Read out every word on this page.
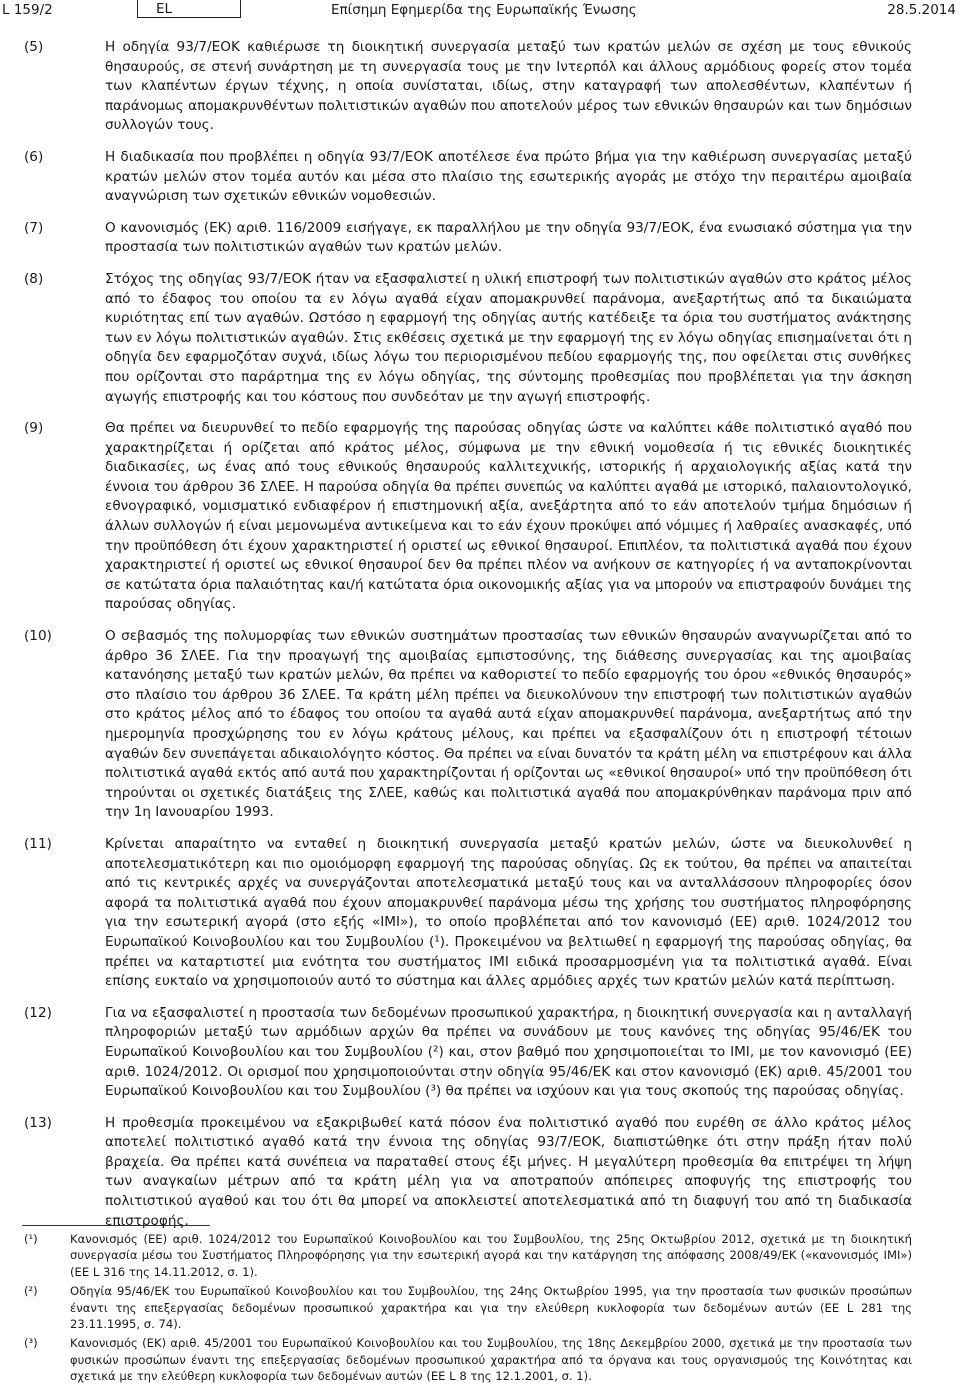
L 159/2	EL	Επίσημη Εφημερίδα της Ευρωπαϊκής Ένωσης	28.5.2014
(5)	Η οδηγία 93/7/ΕΟΚ καθιέρωσε τη διοικητική συνεργασία μεταξύ των κρατών μελών σε σχέση με τους εθνικούς θησαυρούς, σε στενή συνάρτηση με τη συνεργασία τους με την Ιντερπόλ και άλλους αρμόδιους φορείς στον τομέα των κλαπέντων έργων τέχνης, η οποία συνίσταται, ιδίως, στην καταγραφή των απολεσθέντων, κλαπέντων ή παράνομως απομακρυνθέντων πολιτιστικών αγαθών που αποτελούν μέρος των εθνικών θησαυρών και των δημόσιων συλλογών τους.
(6)	Η διαδικασία που προβλέπει η οδηγία 93/7/ΕΟΚ αποτέλεσε ένα πρώτο βήμα για την καθιέρωση συνεργασίας μεταξύ κρατών μελών στον τομέα αυτόν και μέσα στο πλαίσιο της εσωτερικής αγοράς με στόχο την περαιτέρω αμοιβαία αναγνώριση των σχετικών εθνικών νομοθεσιών.
(7)	Ο κανονισμός (ΕΚ) αριθ. 116/2009 εισήγαγε, εκ παραλλήλου με την οδηγία 93/7/ΕΟΚ, ένα ενωσιακό σύστημα για την προστασία των πολιτιστικών αγαθών των κρατών μελών.
(8)	Στόχος της οδηγίας 93/7/ΕΟΚ ήταν να εξασφαλιστεί η υλική επιστροφή των πολιτιστικών αγαθών στο κράτος μέλος από το έδαφος του οποίου τα εν λόγω αγαθά είχαν απομακρυνθεί παράνομα, ανεξαρτήτως από τα δικαιώματα κυριότητας επί των αγαθών. Ωστόσο η εφαρμογή της οδηγίας αυτής κατέδειξε τα όρια του συστήματος ανάκτησης των εν λόγω πολιτιστικών αγαθών. Στις εκθέσεις σχετικά με την εφαρμογή της εν λόγω οδηγίας επισημαίνεται ότι η οδηγία δεν εφαρμοζόταν συχνά, ιδίως λόγω του περιορισμένου πεδίου εφαρμογής της, που οφείλεται στις συνθήκες που ορίζονται στο παράρτημα της εν λόγω οδηγίας, της σύντομης προθεσμίας που προβλέπεται για την άσκηση αγωγής επιστροφής και του κόστους που συνδεόταν με την αγωγή επιστροφής.
(9)	Θα πρέπει να διευρυνθεί το πεδίο εφαρμογής της παρούσας οδηγίας ώστε να καλύπτει κάθε πολιτιστικό αγαθό που χαρακτηρίζεται ή ορίζεται από κράτος μέλος, σύμφωνα με την εθνική νομοθεσία ή τις εθνικές διοικητικές διαδικασίες, ως ένας από τους εθνικούς θησαυρούς καλλιτεχνικής, ιστορικής ή αρχαιολογικής αξίας κατά την έννοια του άρθρου 36 ΣΛΕΕ. Η παρούσα οδηγία θα πρέπει συνεπώς να καλύπτει αγαθά με ιστορικό, παλαιοντολογικό, εθνογραφικό, νομισματικό ενδιαφέρον ή επιστημονική αξία, ανεξάρτητα από το εάν αποτελούν τμήμα δημόσιων ή άλλων συλλογών ή είναι μεμονωμένα αντικείμενα και το εάν έχουν προκύψει από νόμιμες ή λαθραίες ανασκαφές, υπό την προϋπόθεση ότι έχουν χαρακτηριστεί ή οριστεί ως εθνικοί θησαυροί. Επιπλέον, τα πολιτιστικά αγαθά που έχουν χαρακτηριστεί ή οριστεί ως εθνικοί θησαυροί δεν θα πρέπει πλέον να ανήκουν σε κατηγορίες ή να ανταποκρίνονται σε κατώτατα όρια παλαιότητας και/ή κατώτατα όρια οικονομικής αξίας για να μπορούν να επιστραφούν δυνάμει της παρούσας οδηγίας.
(10)	Ο σεβασμός της πολυμορφίας των εθνικών συστημάτων προστασίας των εθνικών θησαυρών αναγνωρίζεται από το άρθρο 36 ΣΛΕΕ. Για την προαγωγή της αμοιβαίας εμπιστοσύνης, της διάθεσης συνεργασίας και της αμοιβαίας κατανόησης μεταξύ των κρατών μελών, θα πρέπει να καθοριστεί το πεδίο εφαρμογής του όρου «εθνικός θησαυρός» στο πλαίσιο του άρθρου 36 ΣΛΕΕ. Τα κράτη μέλη πρέπει να διευκολύνουν την επιστροφή των πολιτιστικών αγαθών στο κράτος μέλος από το έδαφος του οποίου τα αγαθά αυτά είχαν απομακρυνθεί παράνομα, ανεξαρτήτως από την ημερομηνία προσχώρησης του εν λόγω κράτους μέλους, και πρέπει να εξασφαλίζουν ότι η επιστροφή τέτοιων αγαθών δεν συνεπάγεται αδικαιολόγητο κόστος. Θα πρέπει να είναι δυνατόν τα κράτη μέλη να επιστρέφουν και άλλα πολιτιστικά αγαθά εκτός από αυτά που χαρακτηρίζονται ή ορίζονται ως «εθνικοί θησαυροί» υπό την προϋπόθεση ότι τηρούνται οι σχετικές διατάξεις της ΣΛΕΕ, καθώς και πολιτιστικά αγαθά που απομακρύνθηκαν παράνομα πριν από την 1η Ιανουαρίου 1993.
(11)	Κρίνεται απαραίτητο να ενταθεί η διοικητική συνεργασία μεταξύ κρατών μελών, ώστε να διευκολυνθεί η αποτελεσματικότερη και πιο ομοιόμορφη εφαρμογή της παρούσας οδηγίας. Ως εκ τούτου, θα πρέπει να απαιτείται από τις κεντρικές αρχές να συνεργάζονται αποτελεσματικά μεταξύ τους και να ανταλλάσσουν πληροφορίες όσον αφορά τα πολιτιστικά αγαθά που έχουν απομακρυνθεί παράνομα μέσω της χρήσης του συστήματος πληροφόρησης για την εσωτερική αγορά (στο εξής «IMI»), το οποίο προβλέπεται από τον κανονισμό (ΕΕ) αριθ. 1024/2012 του Ευρωπαϊκού Κοινοβουλίου και του Συμβουλίου (¹). Προκειμένου να βελτιωθεί η εφαρμογή της παρούσας οδηγίας, θα πρέπει να καταρτιστεί μια ενότητα του συστήματος IMI ειδικά προσαρμοσμένη για τα πολιτιστικά αγαθά. Είναι επίσης ευκταίο να χρησιμοποιούν αυτό το σύστημα και άλλες αρμόδιες αρχές των κρατών μελών κατά περίπτωση.
(12)	Για να εξασφαλιστεί η προστασία των δεδομένων προσωπικού χαρακτήρα, η διοικητική συνεργασία και η ανταλλαγή πληροφοριών μεταξύ των αρμόδιων αρχών θα πρέπει να συνάδουν με τους κανόνες της οδηγίας 95/46/ΕΚ του Ευρωπαϊκού Κοινοβουλίου και του Συμβουλίου (²) και, στον βαθμό που χρησιμοποιείται το IMI, με τον κανονισμό (ΕΕ) αριθ. 1024/2012. Οι ορισμοί που χρησιμοποιούνται στην οδηγία 95/46/ΕΚ και στον κανονισμό (ΕΚ) αριθ. 45/2001 του Ευρωπαϊκού Κοινοβουλίου και του Συμβουλίου (³) θα πρέπει να ισχύουν και για τους σκοπούς της παρούσας οδηγίας.
(13)	Η προθεσμία προκειμένου να εξακριβωθεί κατά πόσον ένα πολιτιστικό αγαθό που ευρέθη σε άλλο κράτος μέλος αποτελεί πολιτιστικό αγαθό κατά την έννοια της οδηγίας 93/7/ΕΟΚ, διαπιστώθηκε ότι στην πράξη ήταν πολύ βραχεία. Θα πρέπει κατά συνέπεια να παραταθεί στους έξι μήνες. Η μεγαλύτερη προθεσμία θα επιτρέψει τη λήψη των αναγκαίων μέτρων από τα κράτη μέλη για να αποτραπούν απόπειρες αποφυγής της επιστροφής του πολιτιστικού αγαθού και του ότι θα μπορεί να αποκλειστεί αποτελεσματικά από τη διαφυγή του από τη διαδικασία επιστροφής.
(¹)	Κανονισμός (ΕΕ) αριθ. 1024/2012 του Ευρωπαϊκού Κοινοβουλίου και του Συμβουλίου, της 25ης Οκτωβρίου 2012, σχετικά με τη διοικητική συνεργασία μέσω του Συστήματος Πληροφόρησης για την εσωτερική αγορά και την κατάργηση της απόφασης 2008/49/ΕΚ («κανονισμός ΙΜΙ») (ΕΕ L 316 της 14.11.2012, σ. 1).
(²)	Οδηγία 95/46/ΕΚ του Ευρωπαϊκού Κοινοβουλίου και του Συμβουλίου, της 24ης Οκτωβρίου 1995, για την προστασία των φυσικών προσώπων έναντι της επεξεργασίας δεδομένων προσωπικού χαρακτήρα και για την ελεύθερη κυκλοφορία των δεδομένων αυτών (ΕΕ L 281 της 23.11.1995, σ. 74).
(³)	Κανονισμός (ΕΚ) αριθ. 45/2001 του Ευρωπαϊκού Κοινοβουλίου και του Συμβουλίου, της 18ης Δεκεμβρίου 2000, σχετικά με την προστασία των φυσικών προσώπων έναντι της επεξεργασίας δεδομένων προσωπικού χαρακτήρα από τα όργανα και τους οργανισμούς της Κοινότητας και σχετικά με την ελεύθερη κυκλοφορία των δεδομένων αυτών (ΕΕ L 8 της 12.1.2001, σ. 1).
